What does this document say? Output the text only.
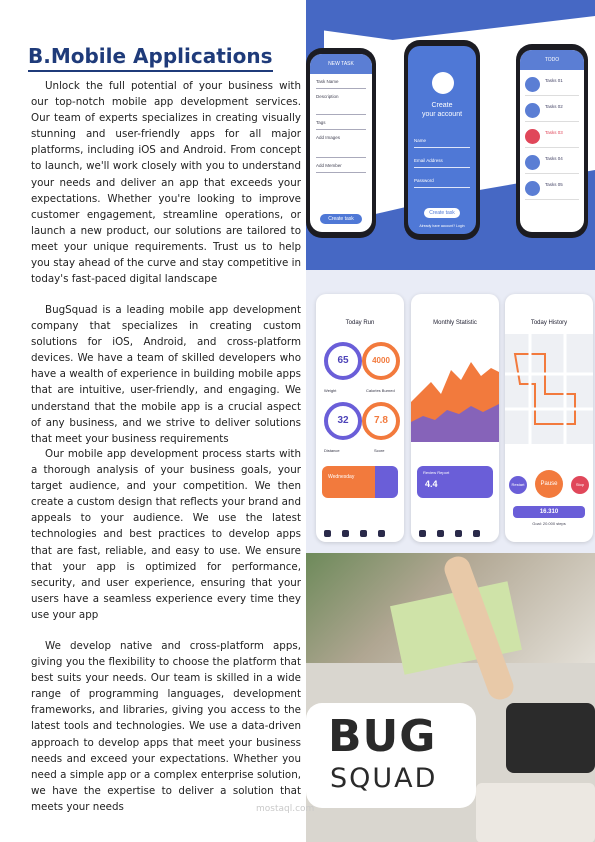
B.Mobile Applications

Unlock the full potential of your business with our top-notch mobile app development services. Our team of experts specializes in creating visually stunning and user-friendly apps for all major platforms, including iOS and Android. From concept to launch, we'll work closely with you to understand your needs and deliver an app that exceeds your expectations. Whether you're looking to improve customer engagement, streamline operations, or launch a new product, our solutions are tailored to meet your unique requirements. Trust us to help you stay ahead of the curve and stay competitive in today's fast-paced digital landscape

BugSquad is a leading mobile app development company that specializes in creating custom solutions for iOS, Android, and cross-platform devices. We have a team of skilled developers who have a wealth of experience in building mobile apps that are intuitive, user-friendly, and engaging. We understand that the mobile app is a crucial aspect of any business, and we strive to deliver solutions that meet your business requirements

Our mobile app development process starts with a thorough analysis of your business goals, your target audience, and your competition. We then create a custom design that reflects your brand and appeals to your audience. We use the latest technologies and best practices to develop apps that are fast, reliable, and easy to use. We ensure that your app is optimized for performance, security, and user experience, ensuring that your users have a seamless experience every time they use your app

We develop native and cross-platform apps, giving you the flexibility to choose the platform that best suits your needs. Our team is skilled in a wide range of programming languages, development frameworks, and libraries, giving you access to the latest tools and technologies. We use a data-driven approach to develop apps that meet your business needs and exceed your expectations. Whether you need a simple app or a complex enterprise solution, we have the expertise to deliver a solution that meets your needs

NEW TASK
Task Name
Description
Tags
Add Images
Add Member
Create task
Create
your account
Name
Email Address
Password
Create task
Already have account? Login
TODO
Tasks 01
Tasks 02
Tasks 03
Tasks 04
Tasks 05
Today Run
65	4000
Weight	Calories Burned
32	7.8
Distance	Score
Wednesday
Monthly Statistic
Review Report
4.4
Today History
Restart	Pause	Stop
16.310
Goal: 20.000 steps
BUG
SQUAD
mostaql.com
